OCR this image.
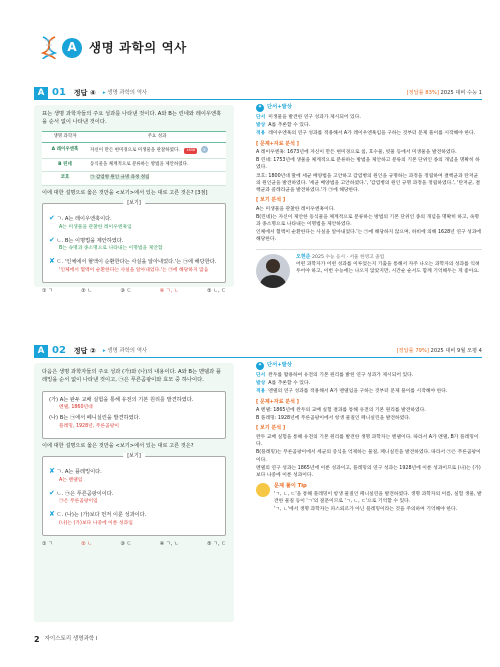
A 생명 과학의 역사
A 01 정답 ④	▸ 생명 과학의 역사	[정답률 83%] 2025 대비 수능 1
표는 생명 과학자들의 주요 성과를 나타낸 것이다. A와 B는 린네와 레이우엔훅을 순서 없이 나타낸 것이다.
생명 과학자	주요 성과
A 레이우엔훅	자신이 만든 현미경으로 미생물을 관찰하였다. 1658 ①
B 린네	동식물을 체계적으로 분류하는 방법을 제안하였다.
코흐	㉠ 감염병 원인 규명 과정 정립
이에 대한 설명으로 옳은 것만을 <보기>에서 있는 대로 고른 것은? [3점]
[보기]
✔ ㄱ. A는 레이우엔훅이다.
A는 미생물을 관찰한 레이우엔훅임
✔ ㄴ. B는 이명법을 제안하였다.
B는 속명과 종소명으로 나타내는 이명법을 제안함
✘ ㄷ. '인체에서 혈액이 순환한다는 사실을 알아내었다.'는 ㉠에 해당한다.
'인체에서 혈액이 순환한다는 사실을 알아내었다.'는 ㉠에 해당하지 않음
① ㄱ	② ㄴ	③ ㄷ	④ ㄱ, ㄴ	⑤ ㄴ, ㄷ
✦ 단서+발상
단서 미생물을 발견한 연구 성과가 제시되어 있다.
발상 A를 추론할 수 있다.
적용 레이우엔훅의 연구 성과를 적용해서 A가 레이우엔훅임을 구하는 것부터 문제 풀이를 시작해야 한다.
[ 문제+자료 분석 ]
A 레이우엔훅: 1673년에 자신이 만든 현미경으로 침, 호수물, 빗물 등에서 미생물을 발견하였다.
B 린네: 1753년에 생물을 체계적으로 분류하는 방법을 제안하고 분류의 기본 단위인 종의 개념을 명확히 하였다.
코흐: 1800년대 말에 세균 배양법을 고안하고 감염병의 원인을 규명하는 과정을 정립하여 결핵균과 탄저균의 원인균을 발견하였다. '세균 배양법을 고안하였다.', '감염병의 원인 규명 과정을 정립하였다.', '탄저균, 결핵균과 콜레라균을 발견하였다.'가 ㉠에 해당한다.
[ 보기 분석 ]
A는 미생물을 관찰한 레이우엔훅이다.
B(린네)는 자신이 제안한 동식물을 체계적으로 분류하는 방법의 기본 단위인 종의 개념을 명확히 하고, 속명과 종소명으로 나타내는 이명법을 제안하였다.
인체에서 혈액이 순환한다는 사실을 알아내었다.'는 ㉠에 해당하지 않으며, 하비에 의해 1628년 연구 성과에 해당한다.
오현준 2025 수능 응시 · 서울 한영고 졸업
어떤 과학자가 어떤 성과를 이루었는지 기출을 통해서 자주 나오는 과학자의 성과를 익혀두어야 하고, 이번 수능에는 나오지 않았지만, 시간순 순서도 함께 기억해두는 게 좋아요.
A 02 정답 ②	▸ 생명 과학의 역사	[정답률 79%] 2025 대비 9월 모평 4
다음은 생명 과학자들의 주요 성과 (가)와 (나)의 내용이다. A와 B는 멘델과 플레밍을 순서 없이 나타낸 것이고, ㉠은 푸른곰팡이와 효모 중 하나이다.
(가) A는 완두 교배 실험을 통해 유전의 기본 원리를 발견하였다.
멘델, 1860년대
(나) B는 ㉠에서 페니실린을 발견하였다.
플레밍, 1928년, 푸른곰팡이
이에 대한 설명으로 옳은 것만을 <보기>에서 있는 대로 고른 것은?
[보기]
✘ ㄱ. A는 플레밍이다.
A는 멘델임
✔ ㄴ. ㉠은 푸른곰팡이이다.
㉠은 푸른곰팡이임
✘ ㄷ. (나)는 (가)보다 먼저 이룬 성과이다.
(나)는 (가)보다 나중에 이룬 성과임
① ㄱ	② ㄴ	③ ㄷ	④ ㄱ, ㄴ	⑤ ㄱ, ㄷ
✦ 단서+발상
단서 완두를 활용하여 유전의 기본 원리를 밝힌 연구 성과가 제시되어 있다.
발상 A를 추론할 수 있다.
적용 멘델의 연구 성과를 적용해서 A가 멘델임을 구하는 것부터 문제 풀이를 시작해야 한다.
[ 문제+자료 분석 ]
A 멘델: 1865년에 완두의 교배 실험 결과를 통해 유전의 기본 원리를 발견하였다.
B 플레밍: 1928년에 푸른곰팡이에서 항생 물질인 페니실린을 발견하였다.
[ 보기 분석 ]
완두 교배 실험을 통해 유전의 기본 원리를 발견한 생명 과학자는 멘델이다. 따라서 A가 멘델, B가 플레밍이다.
B(플레밍)는 푸른곰팡이에서 세균의 증식을 억제하는 물질, 페니실린을 발견하였다. 따라서 ㉠은 푸른곰팡이이다.
멘델의 연구 성과는 1865년에 이룬 성과이고, 플레밍의 연구 성과는 1928년에 이룬 성과이므로 (나)는 (가)보다 나중에 이룬 성과이다.
문제 풀이 Tip
'ㄱ, ㄴ, ㄷ'을 통해 플레밍이 항생 물질인 페니실린을 발견하였다. 생명 과학자의 이름, 실험 생물, 발견한 물질 등이 'ㄱ'의 질문이므로 'ㄱ, ㄴ, ㄷ'으로 기억할 수 있다.
'ㄱ, ㄴ'에서 생명 과학자는 파스퇴르가 아닌 플레밍이라는 것을 주의하여 기억해야 한다.
2 자이스토리 생명과학 I
